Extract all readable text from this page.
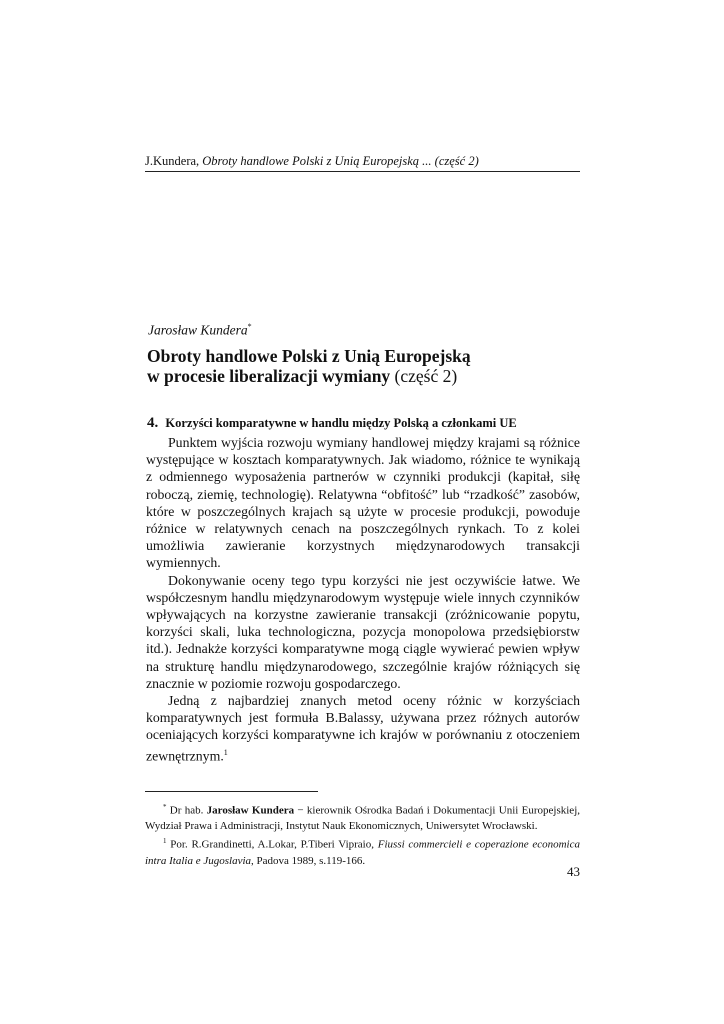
J.Kundera, Obroty handlowe Polski z Unią Europejską ... (część 2)
Jarosław Kundera*
Obroty handlowe Polski z Unią Europejską
w procesie liberalizacji wymiany (część 2)
4. Korzyści komparatywne w handlu między Polską a członkami UE

Punktem wyjścia rozwoju wymiany handlowej między krajami są różnice występujące w kosztach komparatywnych. Jak wiadomo, różnice te wynikają z odmiennego wyposażenia partnerów w czynniki produkcji (kapitał, siłę roboczą, ziemię, technologię). Relatywna “obfitość” lub “rzadkość” zasobów, które w poszczególnych krajach są użyte w procesie produkcji, powoduje różnice w relatywnych cenach na poszczególnych rynkach. To z kolei umożliwia zawieranie korzystnych międzynarodowych transakcji wymiennych.

Dokonywanie oceny tego typu korzyści nie jest oczywiście łatwe. We współczesnym handlu międzynarodowym występuje wiele innych czynników wpływających na korzystne zawieranie transakcji (zróżnicowanie popytu, korzyści skali, luka technologiczna, pozycja monopolowa przedsiębiorstw itd.). Jednakże korzyści komparatywne mogą ciągle wywierać pewien wpływ na strukturę handlu międzynarodowego, szczególnie krajów różniących się znacznie w poziomie rozwoju gospodarczego.

Jedną z najbardziej znanych metod oceny różnic w korzyściach komparatywnych jest formuła B.Balassy, używana przez różnych autorów oceniających korzyści komparatywne ich krajów w porównaniu z otoczeniem zewnętrznym.$^1$

* Dr hab. Jarosław Kundera − kierownik Ośrodka Badań i Dokumentacji Unii Europejskiej, Wydział Prawa i Administracji, Instytut Nauk Ekonomicznych, Uniwersytet Wrocławski.

$^1$ Por. R.Grandinetti, A.Lokar, P.Tiberi Vipraio, Fiussi commercieli e coperazione economica intra Italia e Jugoslavia, Padova 1989, s.119-166.

43
